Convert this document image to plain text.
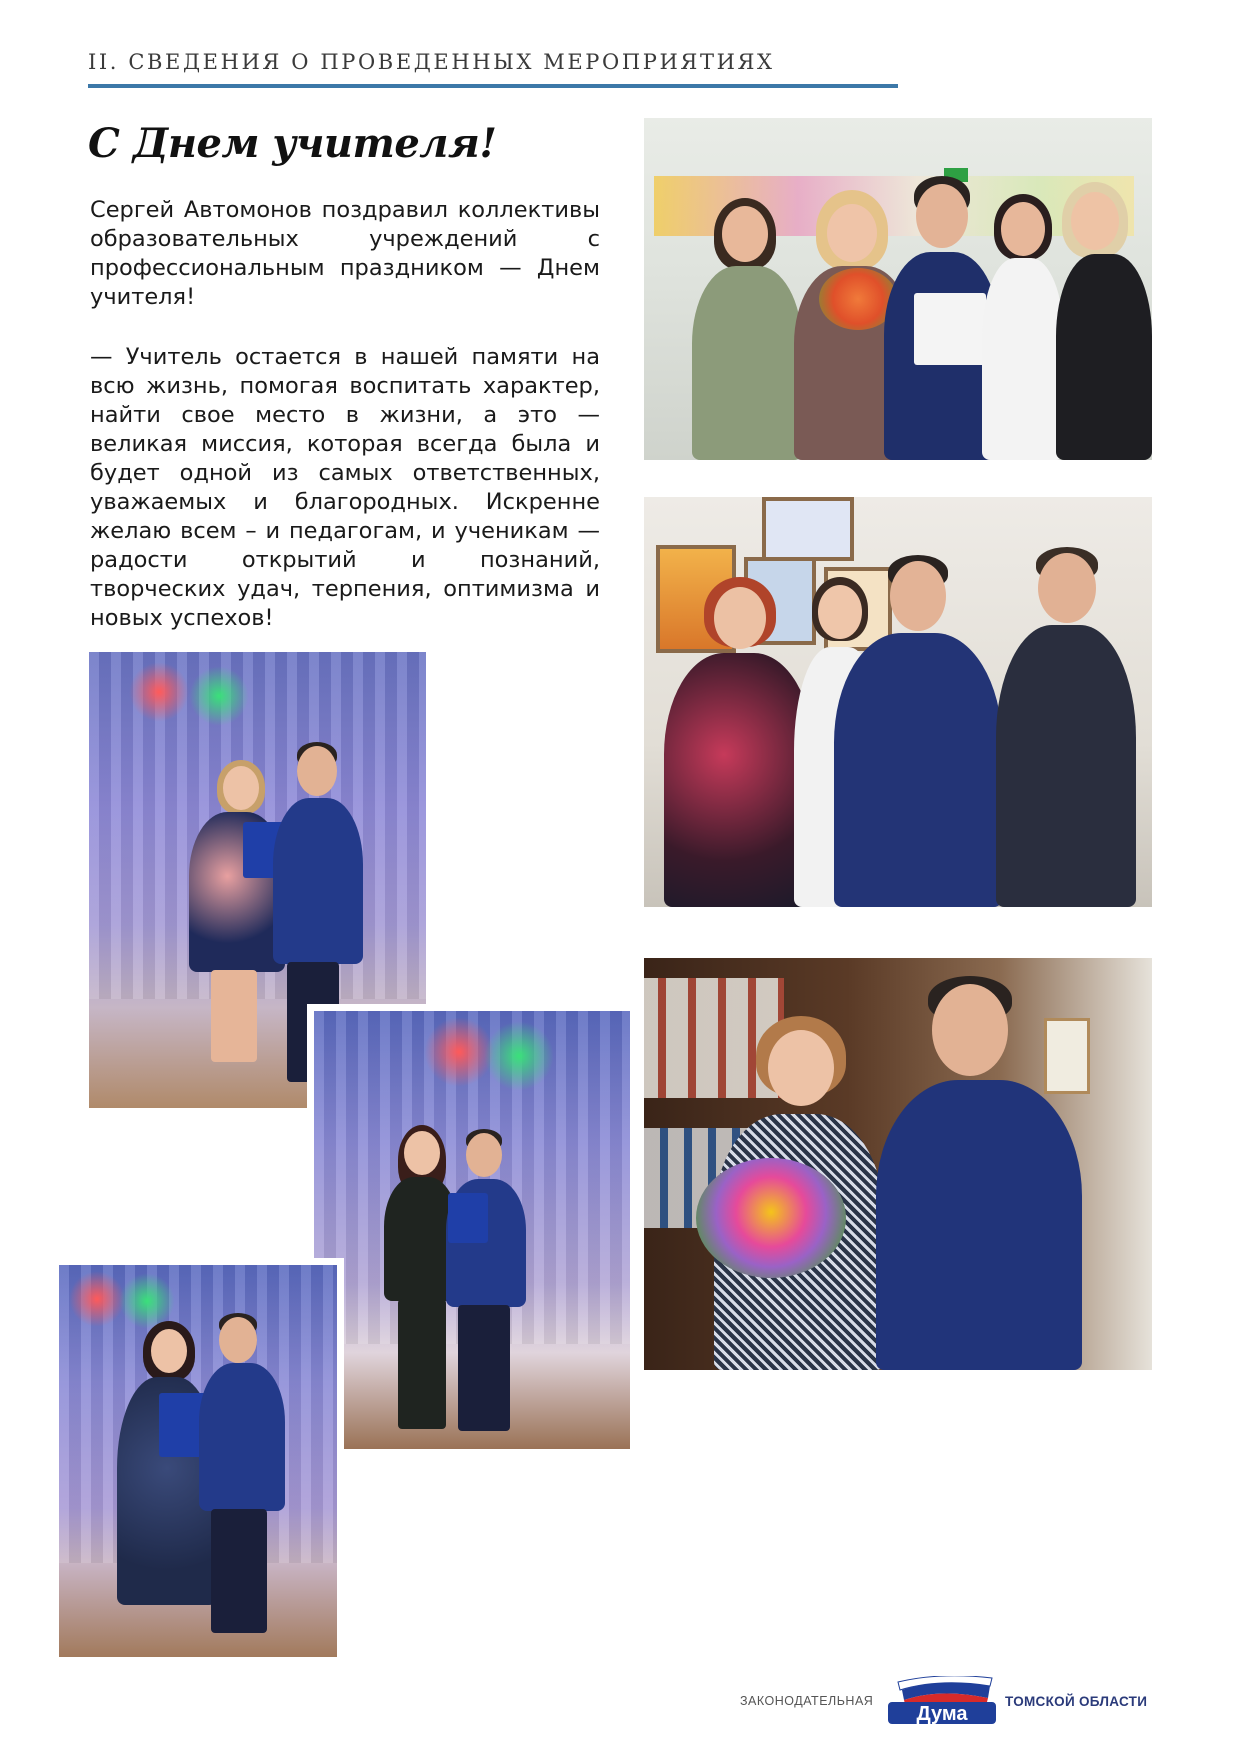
II. СВЕДЕНИЯ О ПРОВЕДЕННЫХ МЕРОПРИЯТИЯХ
С Днем учителя!

Сергей Автомонов поздравил коллективы образовательных учреждений с профессиональным праздником — Днем учителя!

— Учитель остается в нашей памяти на всю жизнь, помогая воспитать характер, найти свое место в жизни, а это —великая миссия, которая всегда была и будет одной из самых ответственных, уважаемых и благородных. Искренне желаю всем – и педагогам, и ученикам — радости открытий и познаний, творческих удач, терпения, оптимизма и новых успехов!

ЗАКОНОДАТЕЛЬНАЯ
Дума
ТОМСКОЙ ОБЛАСТИ
